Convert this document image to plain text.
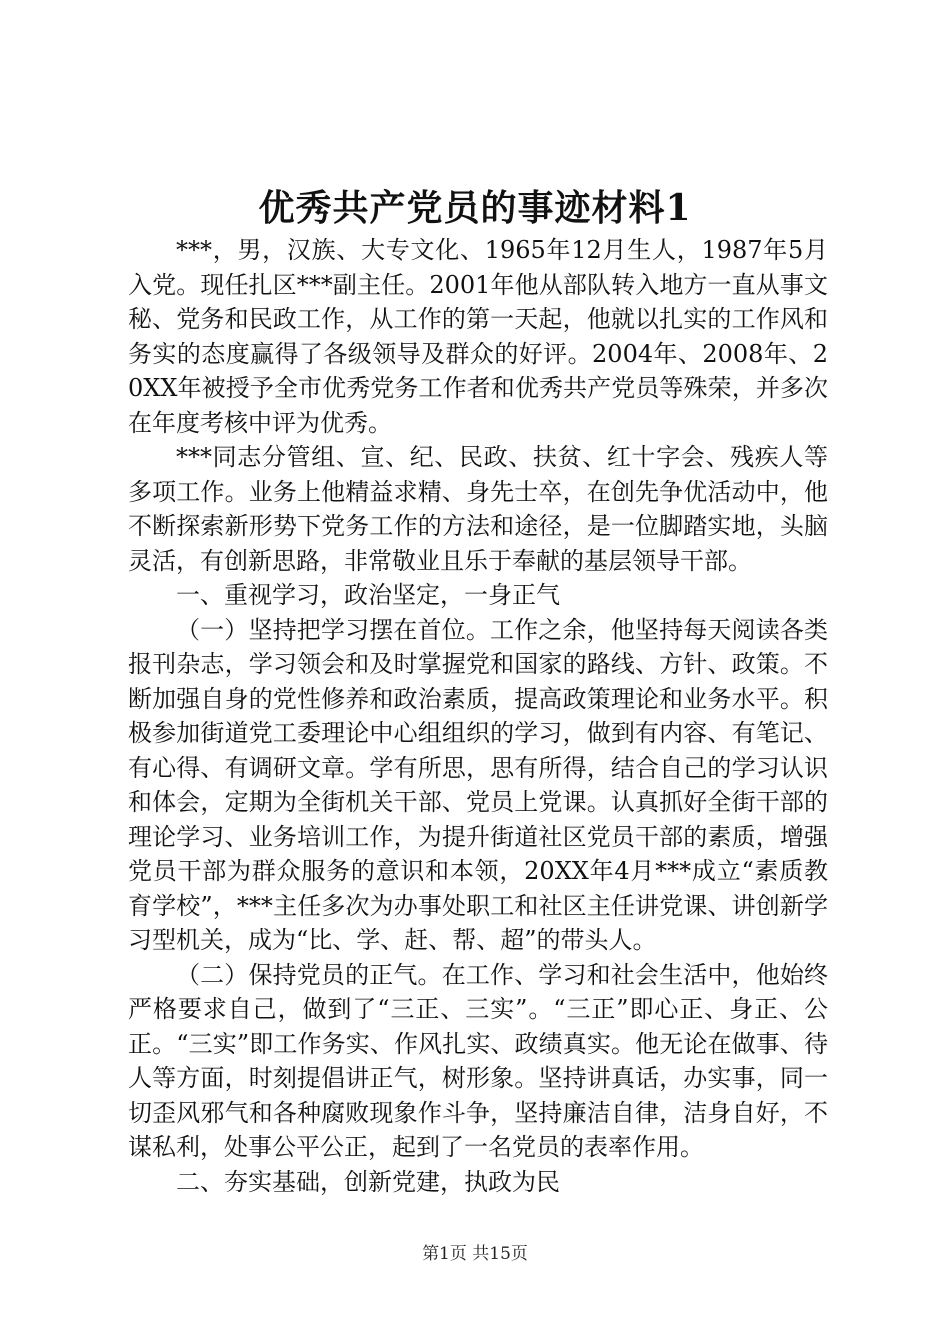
优秀共产党员的事迹材料1

***，男，汉族、大专文化、1965年12月生人，1987年5月入党。现任扎区***副主任。2001年他从部队转入地方一直从事文秘、党务和民政工作，从工作的第一天起，他就以扎实的工作风和务实的态度赢得了各级领导及群众的好评。2004年、2008年、20XX年被授予全市优秀党务工作者和优秀共产党员等殊荣，并多次在年度考核中评为优秀。

***同志分管组、宣、纪、民政、扶贫、红十字会、残疾人等多项工作。业务上他精益求精、身先士卒，在创先争优活动中，他不断探索新形势下党务工作的方法和途径，是一位脚踏实地，头脑灵活，有创新思路，非常敬业且乐于奉献的基层领导干部。

一、重视学习，政治坚定，一身正气

（一）坚持把学习摆在首位。工作之余，他坚持每天阅读各类报刊杂志，学习领会和及时掌握党和国家的路线、方针、政策。不断加强自身的党性修养和政治素质，提高政策理论和业务水平。积极参加街道党工委理论中心组组织的学习，做到有内容、有笔记、有心得、有调研文章。学有所思，思有所得，结合自己的学习认识和体会，定期为全街机关干部、党员上党课。认真抓好全街干部的理论学习、业务培训工作，为提升街道社区党员干部的素质，增强党员干部为群众服务的意识和本领，20XX年4月***成立“素质教育学校”，***主任多次为办事处职工和社区主任讲党课、讲创新学习型机关，成为“比、学、赶、帮、超”的带头人。

（二）保持党员的正气。在工作、学习和社会生活中，他始终严格要求自己，做到了“三正、三实”。“三正”即心正、身正、公正。“三实”即工作务实、作风扎实、政绩真实。他无论在做事、待人等方面，时刻提倡讲正气，树形象。坚持讲真话，办实事，同一切歪风邪气和各种腐败现象作斗争，坚持廉洁自律，洁身自好，不谋私利，处事公平公正，起到了一名党员的表率作用。

二、夯实基础，创新党建，执政为民

第1页 共15页
